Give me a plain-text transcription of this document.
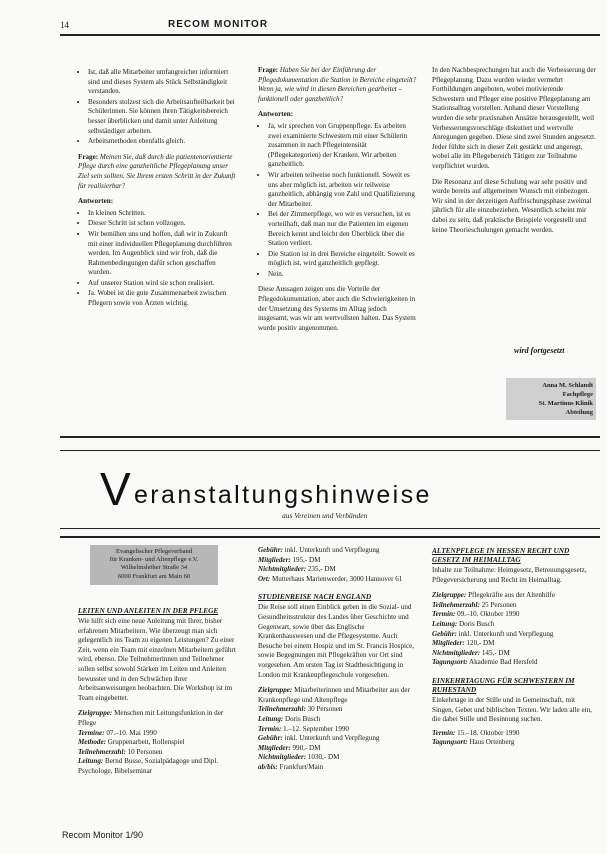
14	RECOM MONITOR
• Ist, daß alle Mitarbeiter umfangreicher informiert sind und dieses System als Stück Selbständigkeit verstanden.
• Besonders stolzest sich die Arbeitsaufteilbarkeit bei Schülerinnen. Sie können ihren Tätigkeitsbereich besser überblicken und damit unter Anleitung selbständiger arbeiten.
• Arbeitsmethoden ebenfalls gleich.

Frage: Meinen Sie, daß durch die patientenorientierte Pflege durch eine ganzheitliche Pflegeplanung unser Ziel sein sollten. Sie Ihrem ersten Schritt in der Zukunft für realisierbar?

Antworten:

• In kleinen Schritten.
• Dieser Schritt ist schon vollzogen.
• Wir bemühen uns und hoffen, daß wir in Zukunft mit einer individuellen Pflegeplanung durchführen werden. Im Augenblick sind wir froh, daß die Rahmenbedingungen dafür schon geschaffen wurden.
• Auf unserer Station wird sie schon realisiert.
• Ja. Wobei ist die gute Zusammenarbeit zwischen Pflegern sowie von Ärzten wichtig.

Frage: Haben Sie bei der Einführung der Pflegedokumentation die Station in Bereiche eingeteilt? Wenn ja, wie wird in diesen Bereichen gearbeitet – funktionell oder ganzheitlich?

Antworten:

• Ja, wir sprechen von Gruppenpflege. Es arbeiten zwei examinierte Schwestern mit einer Schülerin zusammen in nach Pflegeintensität (Pflegekategorien) der Kranken. Wir arbeiten ganzheitlich.
• Wir arbeiten teilweise noch funktionell. Soweit es uns aber möglich ist, arbeiten wir teilweise ganzheitlich, abhängig von Zahl und Qualifizierung der Mitarbeiter.
• Bei der Zimmerpflege, wo wir es versuchen, ist es vorteilhaft, daß man nur die Patienten im eigenen Bereich kennt und leicht den Überblick über die Station verliert.
• Die Station ist in drei Bereiche eingeteilt. Soweit es möglich ist, wird ganzheitlich gepflegt.
• Nein.

Diese Aussagen zeigen uns die Vorteile der Pflegedokumentation, aber auch die Schwierigkeiten in der Umsetzung des Systems im Alltag jedoch insgesamt, was wir am wertvollsten halten. Das System wurde positiv angenommen.

In den Nachbesprechungen hat auch die Verbesserung der Pflegeplanung. Dazu wurden wieder vermehrt Fortbildungen angeboten, wobei motivierende Schwestern und Pfleger eine positive Pflegeplanung am Stationsalltag vorstellen. Anhand dieser Vorstellung wurden die sehr praxisnahen Ansätze herausgestellt, weil Verbesserungsvorschläge diskutiert und wertvolle Anregungen gegeben. Diese sind zwei Stunden angesetzt. Jeder fühlte sich in dieser Zeit gestärkt und angeregt, wobei alle im Pflegebereich Tätigen zur Teilnahme verpflichtet wurden.

Die Resonanz auf diese Schulung war sehr positiv und wurde bereits auf allgemeinen Wunsch mit einbezogen. Wir sind in der derzeitigen Auffrischungsphase zweimal jährlich für alle einzubeziehen. Wesentlich scheint mir dabei zu sein, daß praktische Beispiele vorgestellt und keine Theorieschulungen gemacht werden.

wird fortgesetzt
Anna M. Schlandt
Fachpflege
St. Martinus Klinik
Abteilung
V eranstaltungshinweise
aus Vereinen und Verbänden
Evangelischer Pflegeverband
für Kranken- und Altenpflege e.V.
Wilhelmshöher Straße 34
6000 Frankfurt am Main 60

LEITEN UND ANLEITEN IN DER PFLEGE

Wie hilft sich eine neue Anleitung mit Ihrer, bisher erfahrenen Mitarbeitern. Wie überzeugt man sich gelegentlich ins Team zu eigenen Leistungen? Zu einer Zeit, wenn ein Team mit einzelnen Mitarbeitern geführt wird, ebenso. Die Teilnehmerinnen und Teilnehmer sollen selbst sowohl Stärken im Leiten und Anleiten bewusster und in den Schwächen ihrer Arbeitsanweisungen beobachten. Die Workshop ist im Team eingebettet.

Zielgruppe: Menschen mit Leitungsfunktion in der Pflege
Termine: 07.–10. Mai 1990
Methode: Gruppenarbeit, Rollenspiel
Teilnehmerzahl: 10 Personen
Leitung: Bernd Busse, Sozialpädagoge und Dipl. Psychologe, Bibelseminar
Gebühr: inkl. Unterkunft und Verpflegung
Mitglieder: 195,- DM
Nichtmitglieder: 235,- DM
Ort: Mutterhaus Marienwerder, 3000 Hannover 61

STUDIENREISE NACH ENGLAND

Die Reise soll einen Einblick geben in die Sozial- und Gesundheitsstruktur des Landes über Geschichte und Gegenwart, sowie über das Englische Krankenhauswesen und die Pflegesysteme. Auch Besuche bei einem Hospiz und im St. Francis Hospice, sowie Begegnungen mit Pflegekräften vor Ort sind vorgesehen. Am ersten Tag ist Stadtbesichtigung in London mit Krankenpflegeschule vorgesehen.

Zielgruppe: Mitarbeiterinnen und Mitarbeiter aus der Krankenpflege und Altenpflege
Teilnehmerzahl: 30 Personen
Leitung: Doris Busch
Termin: 1.–12. September 1990
Gebühr: inkl. Unterkunft und Verpflegung
Mitglieder: 990,- DM
Nichtmitglieder: 1030,- DM
ab/bis: Frankfurt/Main

ALTENPFLEGE IN HESSEN RECHT UND GESETZ IM HEIMALLTAG

Inhalte zur Teilnahme: Heimgesetz, Betreuungsgesetz, Pflegeversicherung und Recht im Heimalltag.

Zielgruppe: Pflegekräfte aus der Altenhilfe
Teilnehmerzahl: 25 Personen
Termin: 09.–10. Oktober 1990
Leitung: Doris Busch
Gebühr: inkl. Unterkunft und Verpflegung
Mitglieder: 120,- DM
Nichtmitglieder: 145,- DM
Tagungsort: Akademie Bad Hersfeld

EINKEHRTAGUNG FÜR SCHWESTERN IM RUHESTAND

Einkehrtage in der Stille und in Gemeinschaft, mit Singen, Gebet und biblischen Texten. Wir laden alle ein, die dabei Stille und Besinnung suchen.

Termin: 15.–18. Oktober 1990
Tagungsort: Haus Ortenberg
Recom Monitor 1/90
